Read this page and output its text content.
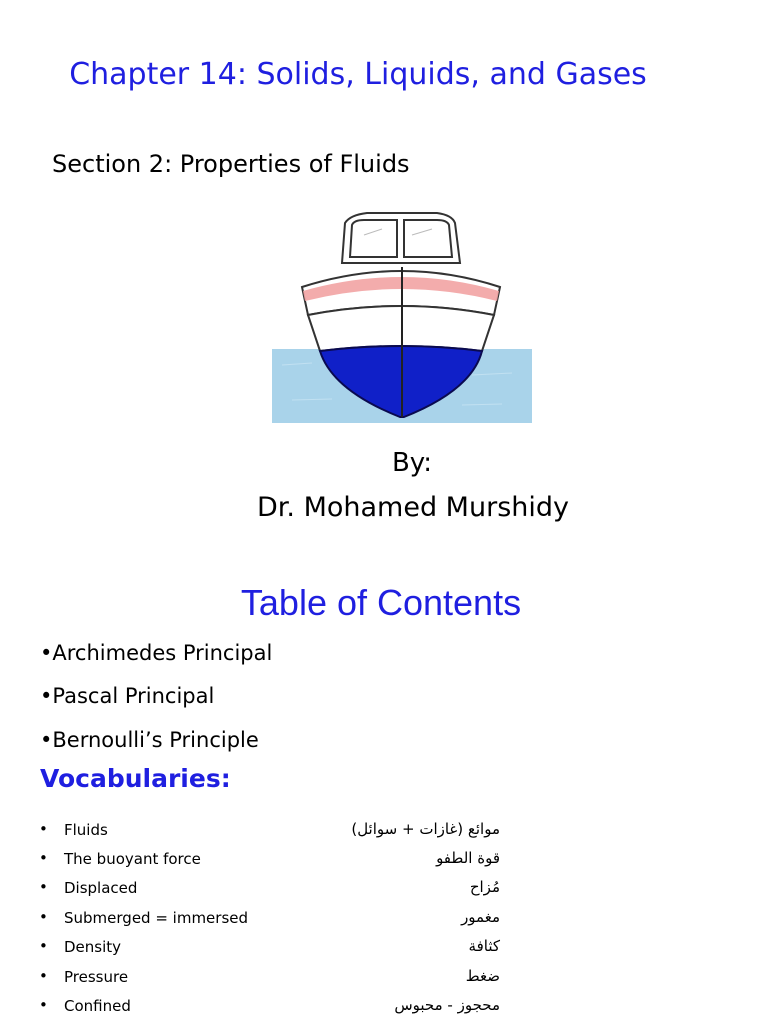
Chapter 14: Solids, Liquids, and Gases
Section 2: Properties of Fluids
By:
Dr. Mohamed Murshidy
Table of Contents
•Archimedes Principal
•Pascal Principal
•Bernoulli’s Principle
Vocabularies:
• Fluids	موائع (غازات + سوائل)
• The buoyant force	قوة الطفو
• Displaced	مُزاح
• Submerged = immersed	مغمور
• Density	كثافة
• Pressure	ضغط
• Confined	محجوز - محبوس
